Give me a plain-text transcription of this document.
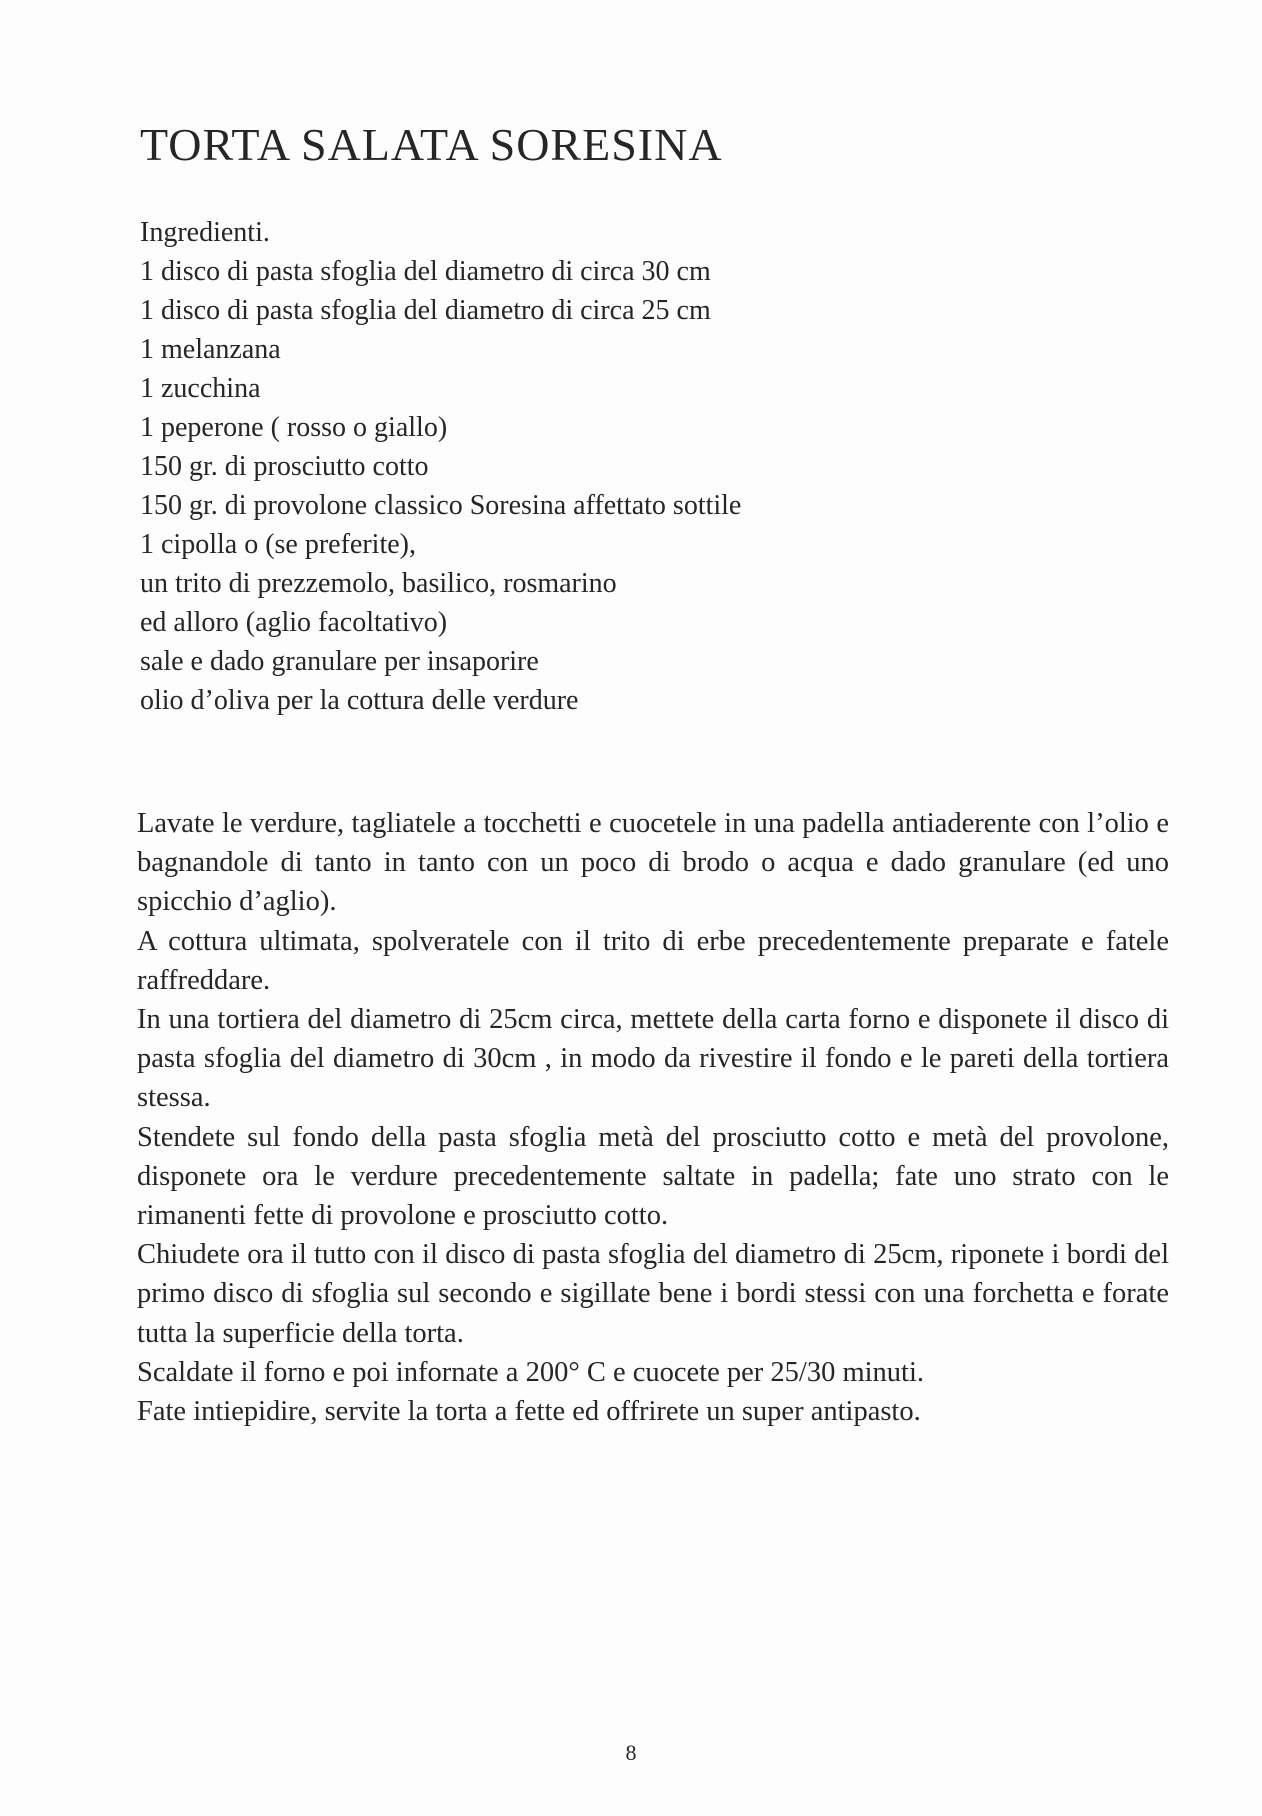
TORTA SALATA SORESINA
Ingredienti.
1 disco di pasta sfoglia del diametro di circa 30 cm
1 disco di pasta sfoglia del diametro di circa 25 cm
1 melanzana
1 zucchina
1 peperone ( rosso o giallo)
150 gr. di prosciutto cotto
150 gr. di provolone classico Soresina affettato sottile
1 cipolla o (se preferite),
un trito di prezzemolo, basilico, rosmarino
ed alloro (aglio facoltativo)
sale e dado granulare per insaporire
olio d’oliva per la cottura delle verdure

Lavate le verdure, tagliatele a tocchetti e cuocetele in una padella antiaderente con l’olio e bagnandole di tanto in tanto con un poco di brodo o acqua e dado granulare (ed uno spicchio d’aglio).

A cottura ultimata, spolveratele con il trito di erbe precedentemente preparate e fatele raffreddare.

In una tortiera del diametro di 25cm circa, mettete della carta forno e disponete il disco di pasta sfoglia del diametro di 30cm , in modo da rivestire il fondo e le pareti della tortiera stessa.

Stendete sul fondo della pasta sfoglia metà del prosciutto cotto e metà del provolone, disponete ora le verdure precedentemente saltate in padella; fate uno strato con le rimanenti fette di provolone e prosciutto cotto.

Chiudete ora il tutto con il disco di pasta sfoglia del diametro di 25cm, riponete i bordi del primo disco di sfoglia sul secondo e sigillate bene i bordi stessi con una forchetta e forate tutta la superficie della torta.

Scaldate il forno e poi infornate a 200° C e cuocete per 25/30 minuti.

Fate intiepidire, servite la torta a fette ed offrirete un super antipasto.

8
